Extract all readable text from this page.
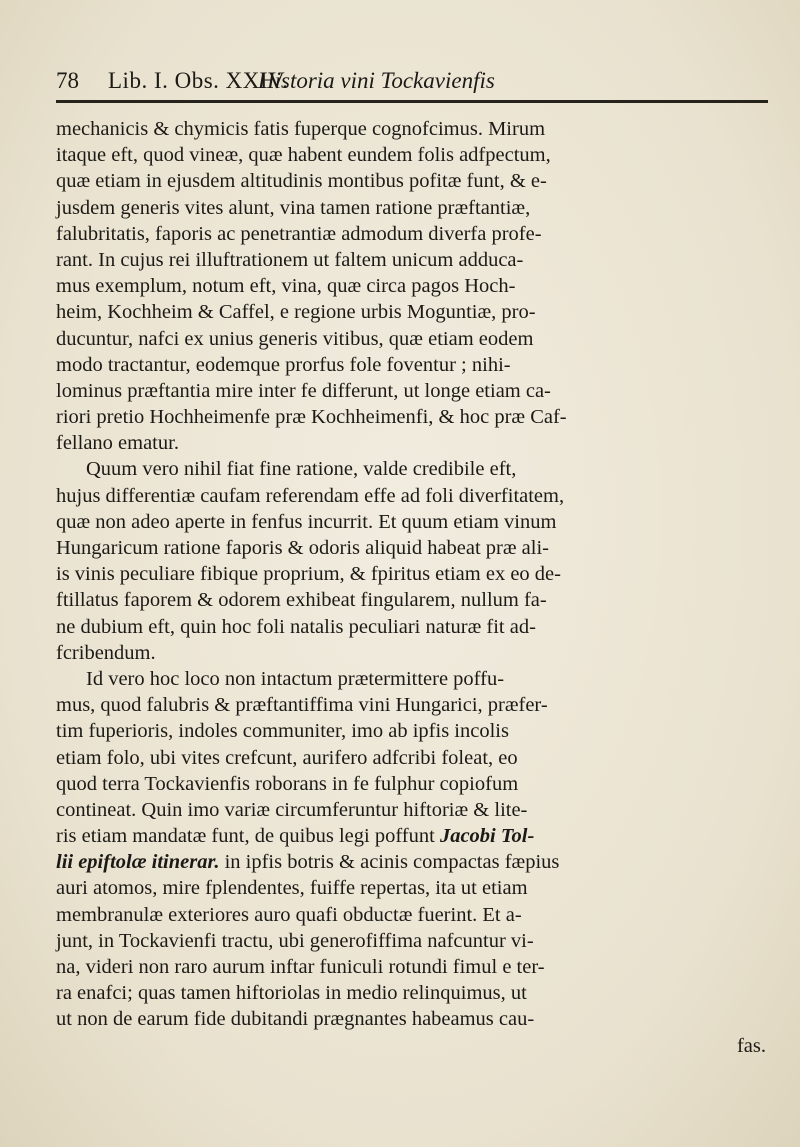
78 Lib. I. Obs. XXIV.
Historia vini Tockavienfis
mechanicis & chymicis fatis fuperque cognofcimus. Mirum
itaque eft, quod vineæ, quæ habent eundem folis adfpectum,
quæ etiam in ejusdem altitudinis montibus pofitæ funt, & e-
jusdem generis vites alunt, vina tamen ratione præftantiæ,
falubritatis, faporis ac penetrantiæ admodum diverfa profe-
rant. In cujus rei illuftrationem ut faltem unicum adduca-
mus exemplum, notum eft, vina, quæ circa pagos Hoch-
heim, Kochheim & Caffel, e regione urbis Moguntiæ, pro-
ducuntur, nafci ex unius generis vitibus, quæ etiam eodem
modo tractantur, eodemque prorfus fole foventur ; nihi-
lominus præftantia mire inter fe differunt, ut longe etiam ca-
riori pretio Hochheimenfe præ Kochheimenfi, & hoc præ Caf-
fellano ematur.
Quum vero nihil fiat fine ratione, valde credibile eft,
hujus differentiæ caufam referendam effe ad foli diverfitatem,
quæ non adeo aperte in fenfus incurrit. Et quum etiam vinum
Hungaricum ratione faporis & odoris aliquid habeat præ ali-
is vinis peculiare fibique proprium, & fpiritus etiam ex eo de-
ftillatus faporem & odorem exhibeat fingularem, nullum fa-
ne dubium eft, quin hoc foli natalis peculiari naturæ fit ad-
fcribendum.
Id vero hoc loco non intactum prætermittere poffu-
mus, quod falubris & præftantiffima vini Hungarici, præfer-
tim fuperioris, indoles communiter, imo ab ipfis incolis
etiam folo, ubi vites crefcunt, aurifero adfcribi foleat, eo
quod terra Tockavienfis roborans in fe fulphur copiofum
contineat. Quin imo variæ circumferuntur hiftoriæ & lite-
ris etiam mandatæ funt, de quibus legi poffunt Jacobi Tol-
lii epiftolæ itinerar. in ipfis botris & acinis compactas fæpius
auri atomos, mire fplendentes, fuiffe repertas, ita ut etiam
membranulæ exteriores auro quafi obductæ fuerint. Et a-
junt, in Tockavienfi tractu, ubi generofiffima nafcuntur vi-
na, videri non raro aurum inftar funiculi rotundi fimul e ter-
ra enafci; quas tamen hiftoriolas in medio relinquimus, ut
ut non de earum fide dubitandi prægnantes habeamus cau-
fas.
